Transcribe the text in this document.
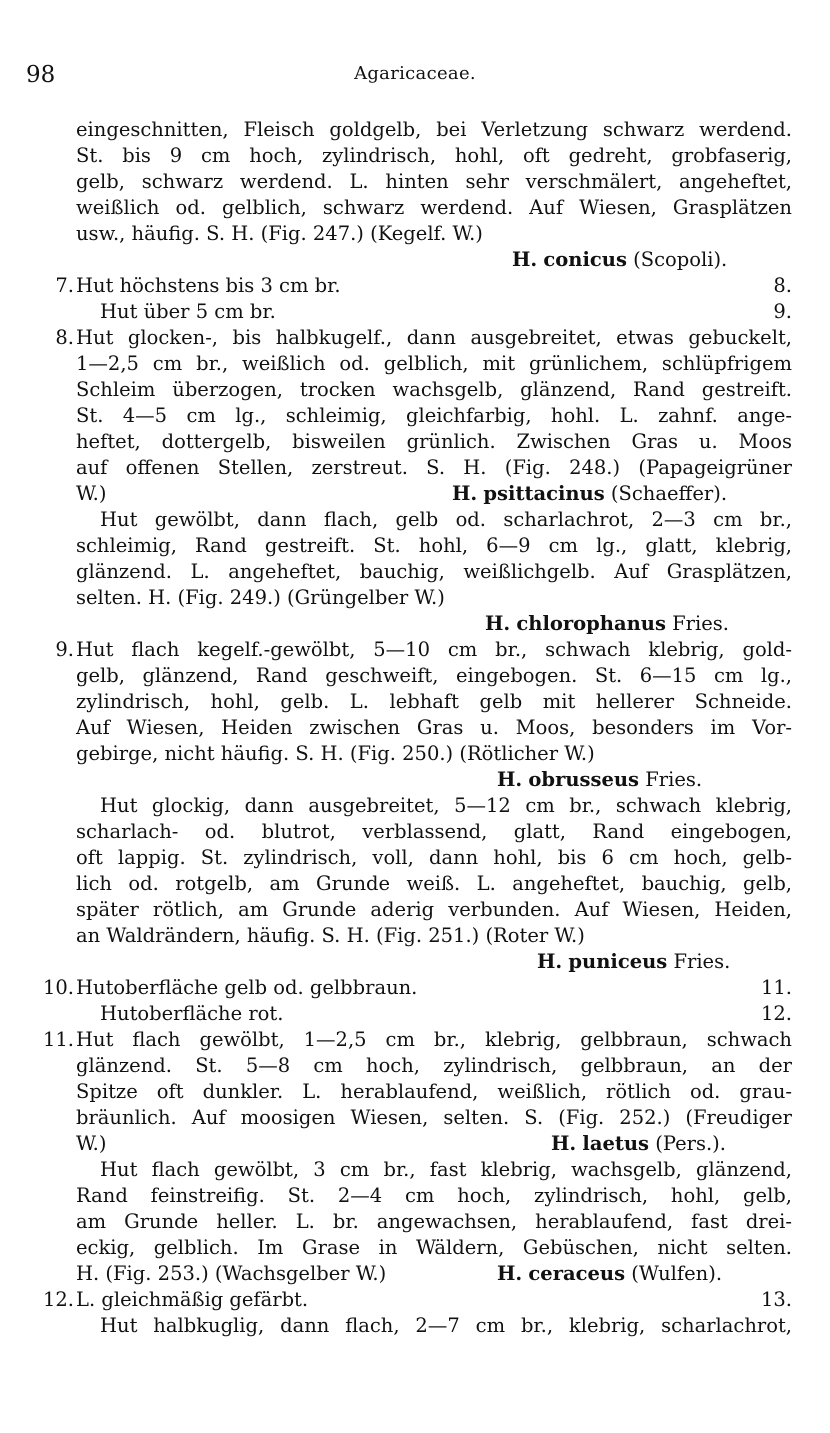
98	Agaricaceae.
eingeschnitten, Fleisch goldgelb, bei Verletzung schwarz werdend.
St. bis 9 cm hoch, zylindrisch, hohl, oft gedreht, grobfaserig,
gelb, schwarz werdend. L. hinten sehr verschmälert, angeheftet,
weißlich od. gelblich, schwarz werdend. Auf Wiesen, Grasplätzen
usw., häufig. S. H. (Fig. 247.) (Kegelf. W.)
H. conicus (Scopoli).
7. Hut höchstens bis 3 cm br.	8.
Hut über 5 cm br.	9.
8. Hut glocken-, bis halbkugelf., dann ausgebreitet, etwas gebuckelt,
1—2,5 cm br., weißlich od. gelblich, mit grünlichem, schlüpfrigem
Schleim überzogen, trocken wachsgelb, glänzend, Rand gestreift.
St. 4—5 cm lg., schleimig, gleichfarbig, hohl. L. zahnf. ange-
heftet, dottergelb, bisweilen grünlich. Zwischen Gras u. Moos
auf offenen Stellen, zerstreut. S. H. (Fig. 248.) (Papageigrüner
W.)	H. psittacinus (Schaeffer).
Hut gewölbt, dann flach, gelb od. scharlachrot, 2—3 cm br.,
schleimig, Rand gestreift. St. hohl, 6—9 cm lg., glatt, klebrig,
glänzend. L. angeheftet, bauchig, weißlichgelb. Auf Grasplätzen,
selten. H. (Fig. 249.) (Grüngelber W.)
H. chlorophanus Fries.
9. Hut flach kegelf.-gewölbt, 5—10 cm br., schwach klebrig, gold-
gelb, glänzend, Rand geschweift, eingebogen. St. 6—15 cm lg.,
zylindrisch, hohl, gelb. L. lebhaft gelb mit hellerer Schneide.
Auf Wiesen, Heiden zwischen Gras u. Moos, besonders im Vor-
gebirge, nicht häufig. S. H. (Fig. 250.) (Rötlicher W.)
H. obrusseus Fries.
Hut glockig, dann ausgebreitet, 5—12 cm br., schwach klebrig,
scharlach- od. blutrot, verblassend, glatt, Rand eingebogen,
oft lappig. St. zylindrisch, voll, dann hohl, bis 6 cm hoch, gelb-
lich od. rotgelb, am Grunde weiß. L. angeheftet, bauchig, gelb,
später rötlich, am Grunde aderig verbunden. Auf Wiesen, Heiden,
an Waldrändern, häufig. S. H. (Fig. 251.) (Roter W.)
H. puniceus Fries.
10. Hutoberfläche gelb od. gelbbraun.	11.
Hutoberfläche rot.	12.
11. Hut flach gewölbt, 1—2,5 cm br., klebrig, gelbbraun, schwach
glänzend. St. 5—8 cm hoch, zylindrisch, gelbbraun, an der
Spitze oft dunkler. L. herablaufend, weißlich, rötlich od. grau-
bräunlich. Auf moosigen Wiesen, selten. S. (Fig. 252.) (Freudiger
W.)	H. laetus (Pers.).
Hut flach gewölbt, 3 cm br., fast klebrig, wachsgelb, glänzend,
Rand feinstreifig. St. 2—4 cm hoch, zylindrisch, hohl, gelb,
am Grunde heller. L. br. angewachsen, herablaufend, fast drei-
eckig, gelblich. Im Grase in Wäldern, Gebüschen, nicht selten.
H. (Fig. 253.) (Wachsgelber W.)	H. ceraceus (Wulfen).
12. L. gleichmäßig gefärbt.	13.
Hut halbkuglig, dann flach, 2—7 cm br., klebrig, scharlachrot,
